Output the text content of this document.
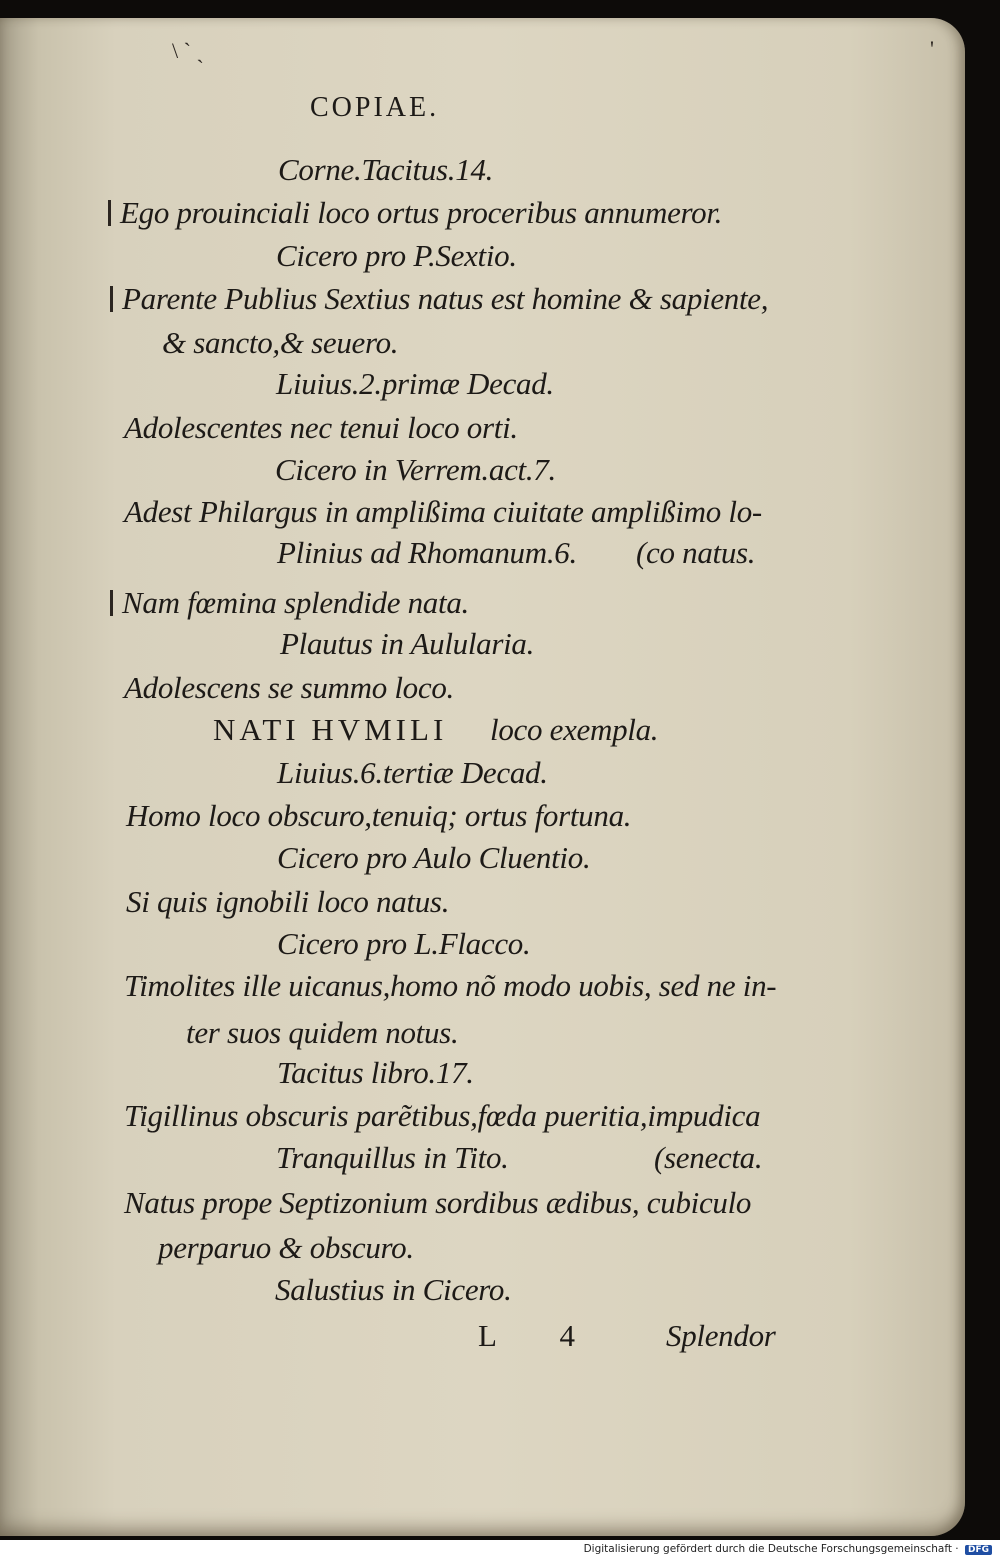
\ ` ˎ	'
COPIAE.
Corne.Tacitus.14.
Ego prouinciali loco ortus proceribus annumeror.
Cicero pro P.Sextio.
Parente Publius Sextius natus est homine & sapiente,
& sancto,& seuero.
Liuius.2.primæ Decad.
Adolescentes nec tenui loco orti.
Cicero in Verrem.act.7.
Adest Philargus in amplißima ciuitate amplißimo lo-
Plinius ad Rhomanum.6. (co natus.
Nam fœmina splendide nata.
Plautus in Aulularia.
Adolescens se summo loco.
NATI HVMILI loco exempla.
Liuius.6.tertiæ Decad.
Homo loco obscuro,tenuiq; ortus fortuna.
Cicero pro Aulo Cluentio.
Si quis ignobili loco natus.
Cicero pro L.Flacco.
Timolites ille uicanus,homo nõ modo uobis, sed ne in-
ter suos quidem notus.
Tacitus libro.17.
Tigillinus obscuris parẽtibus,fœda pueritia,impudica
Tranquillus in Tito.	(senecta.
Natus prope Septizonium sordibus ædibus, cubiculo
perparuo & obscuro.
Salustius in Cicero.
L 4 Splendor
Digitalisierung gefördert durch die Deutsche Forschungsgemeinschaft · DFG
